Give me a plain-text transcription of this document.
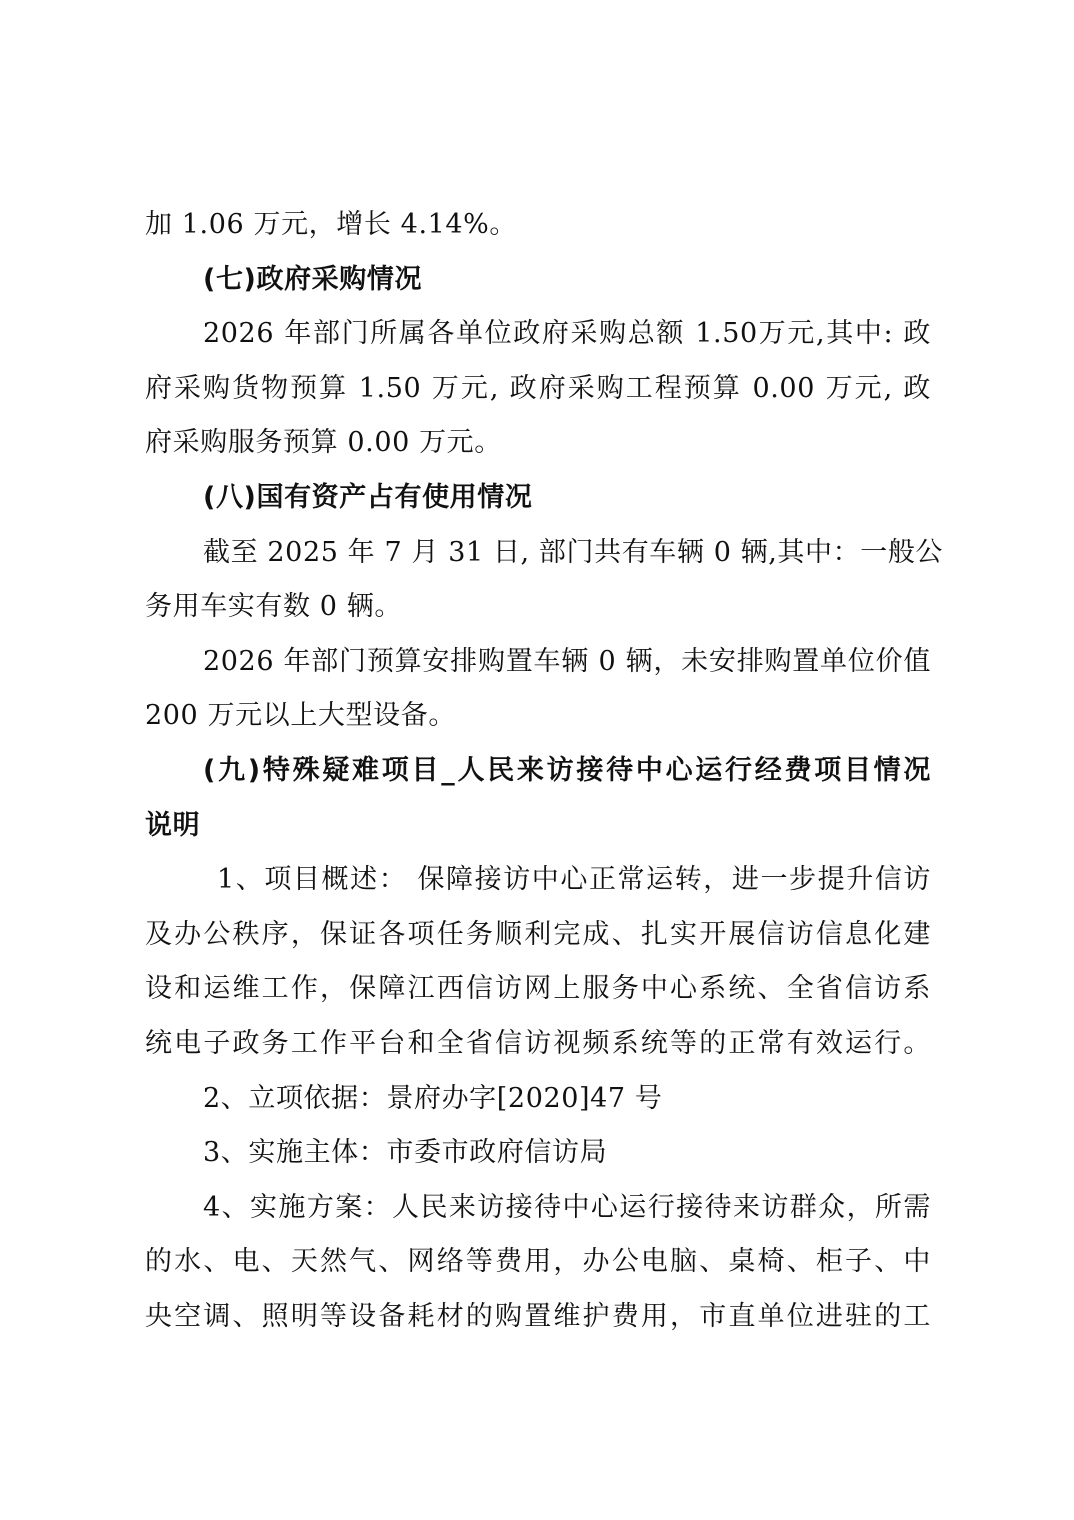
加 1.06 万元，增长 4.14%。
(七)政府采购情况
2026 年部门所属各单位政府采购总额 1.50万元,其中: 政
府采购货物预算 1.50 万元, 政府采购工程预算 0.00 万元, 政
府采购服务预算 0.00 万元。
(八)国有资产占有使用情况
截至 2025 年 7 月 31 日, 部门共有车辆 0 辆,其中：一般公
务用车实有数 0 辆。
2026 年部门预算安排购置车辆 0 辆，未安排购置单位价值
200 万元以上大型设备。
(九)特殊疑难项目_人民来访接待中心运行经费项目情况
说明
1、项目概述： 保障接访中心正常运转，进一步提升信访
及办公秩序，保证各项任务顺利完成、扎实开展信访信息化建
设和运维工作，保障江西信访网上服务中心系统、全省信访系
统电子政务工作平台和全省信访视频系统等的正常有效运行。
2、立项依据：景府办字[2020]47 号
3、实施主体：市委市政府信访局
4、实施方案：人民来访接待中心运行接待来访群众，所需
的水、电、天然气、网络等费用，办公电脑、桌椅、柜子、中
央空调、照明等设备耗材的购置维护费用，市直单位进驻的工
